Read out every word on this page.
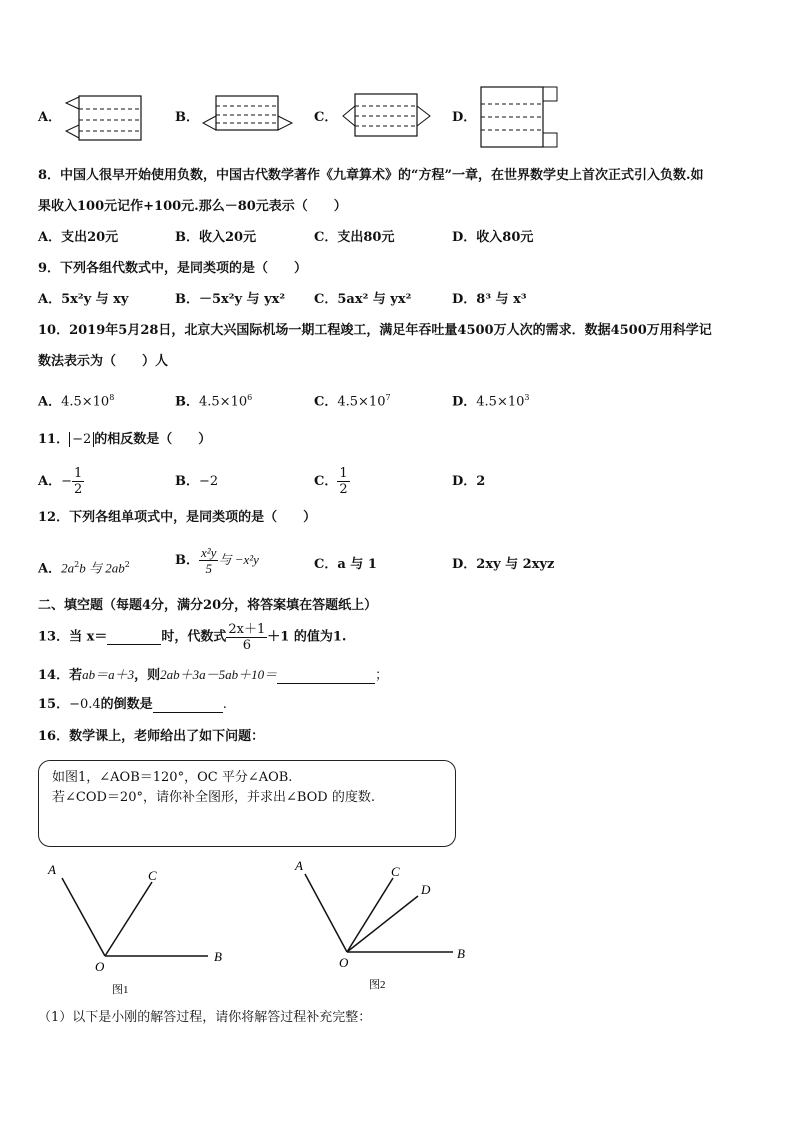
A．	B．	C．	D．
8．中国人很早开始使用负数，中国古代数学著作《九章算术》的“方程”一章，在世界数学史上首次正式引入负数.如
果收入100元记作+100元.那么－80元表示（　　）
A．支出20元	B．收入20元	C．支出80元	D．收入80元
9．下列各组代数式中，是同类项的是（　　）
A．5x²y 与 xy	B．－5x²y 与 yx² C．5ax² 与 yx²	D．8³ 与 x³
10．2019年5月28日，北京大兴国际机场一期工程竣工，满足年吞吐量4500万人次的需求．数据4500万用科学记
数法表示为（　　）人
A．$4.5\times 10^8$	B．$4.5\times 10^6$	C．$4.5\times 10^7$	D．$4.5\times 10^3$
11． −2 的相反数是（　　）
A．− $\frac{1}{2}$	B．−2	C． $\frac{1}{2}$	D．2
12．下列各组单项式中，是同类项的是（　　）
A．$2a^2b$ 与 $2ab^2$	B． $\frac{\text{x²y}}{5}$ 与 −x²y	C．a 与 1	D．2xy 与 2xyz
二、填空题（每题4分，满分20分，将答案填在答题纸上）
13．当 x＝	时，代数式 $\frac{2x+1}{6} +1$ 的值为1.
14．若ab＝a＋3，则2ab＋3a－5ab＋10＝	；
15．−0.4的倒数是	.
16．数学课上，老师给出了如下问题：
如图1，∠AOB＝120°，OC 平分∠AOB.
若∠COD＝20°，请你补全图形，并求出∠BOD 的度数.
A	C
O
B
图1
A	C
D
O
B
图2
（1）以下是小刚的解答过程，请你将解答过程补充完整：
